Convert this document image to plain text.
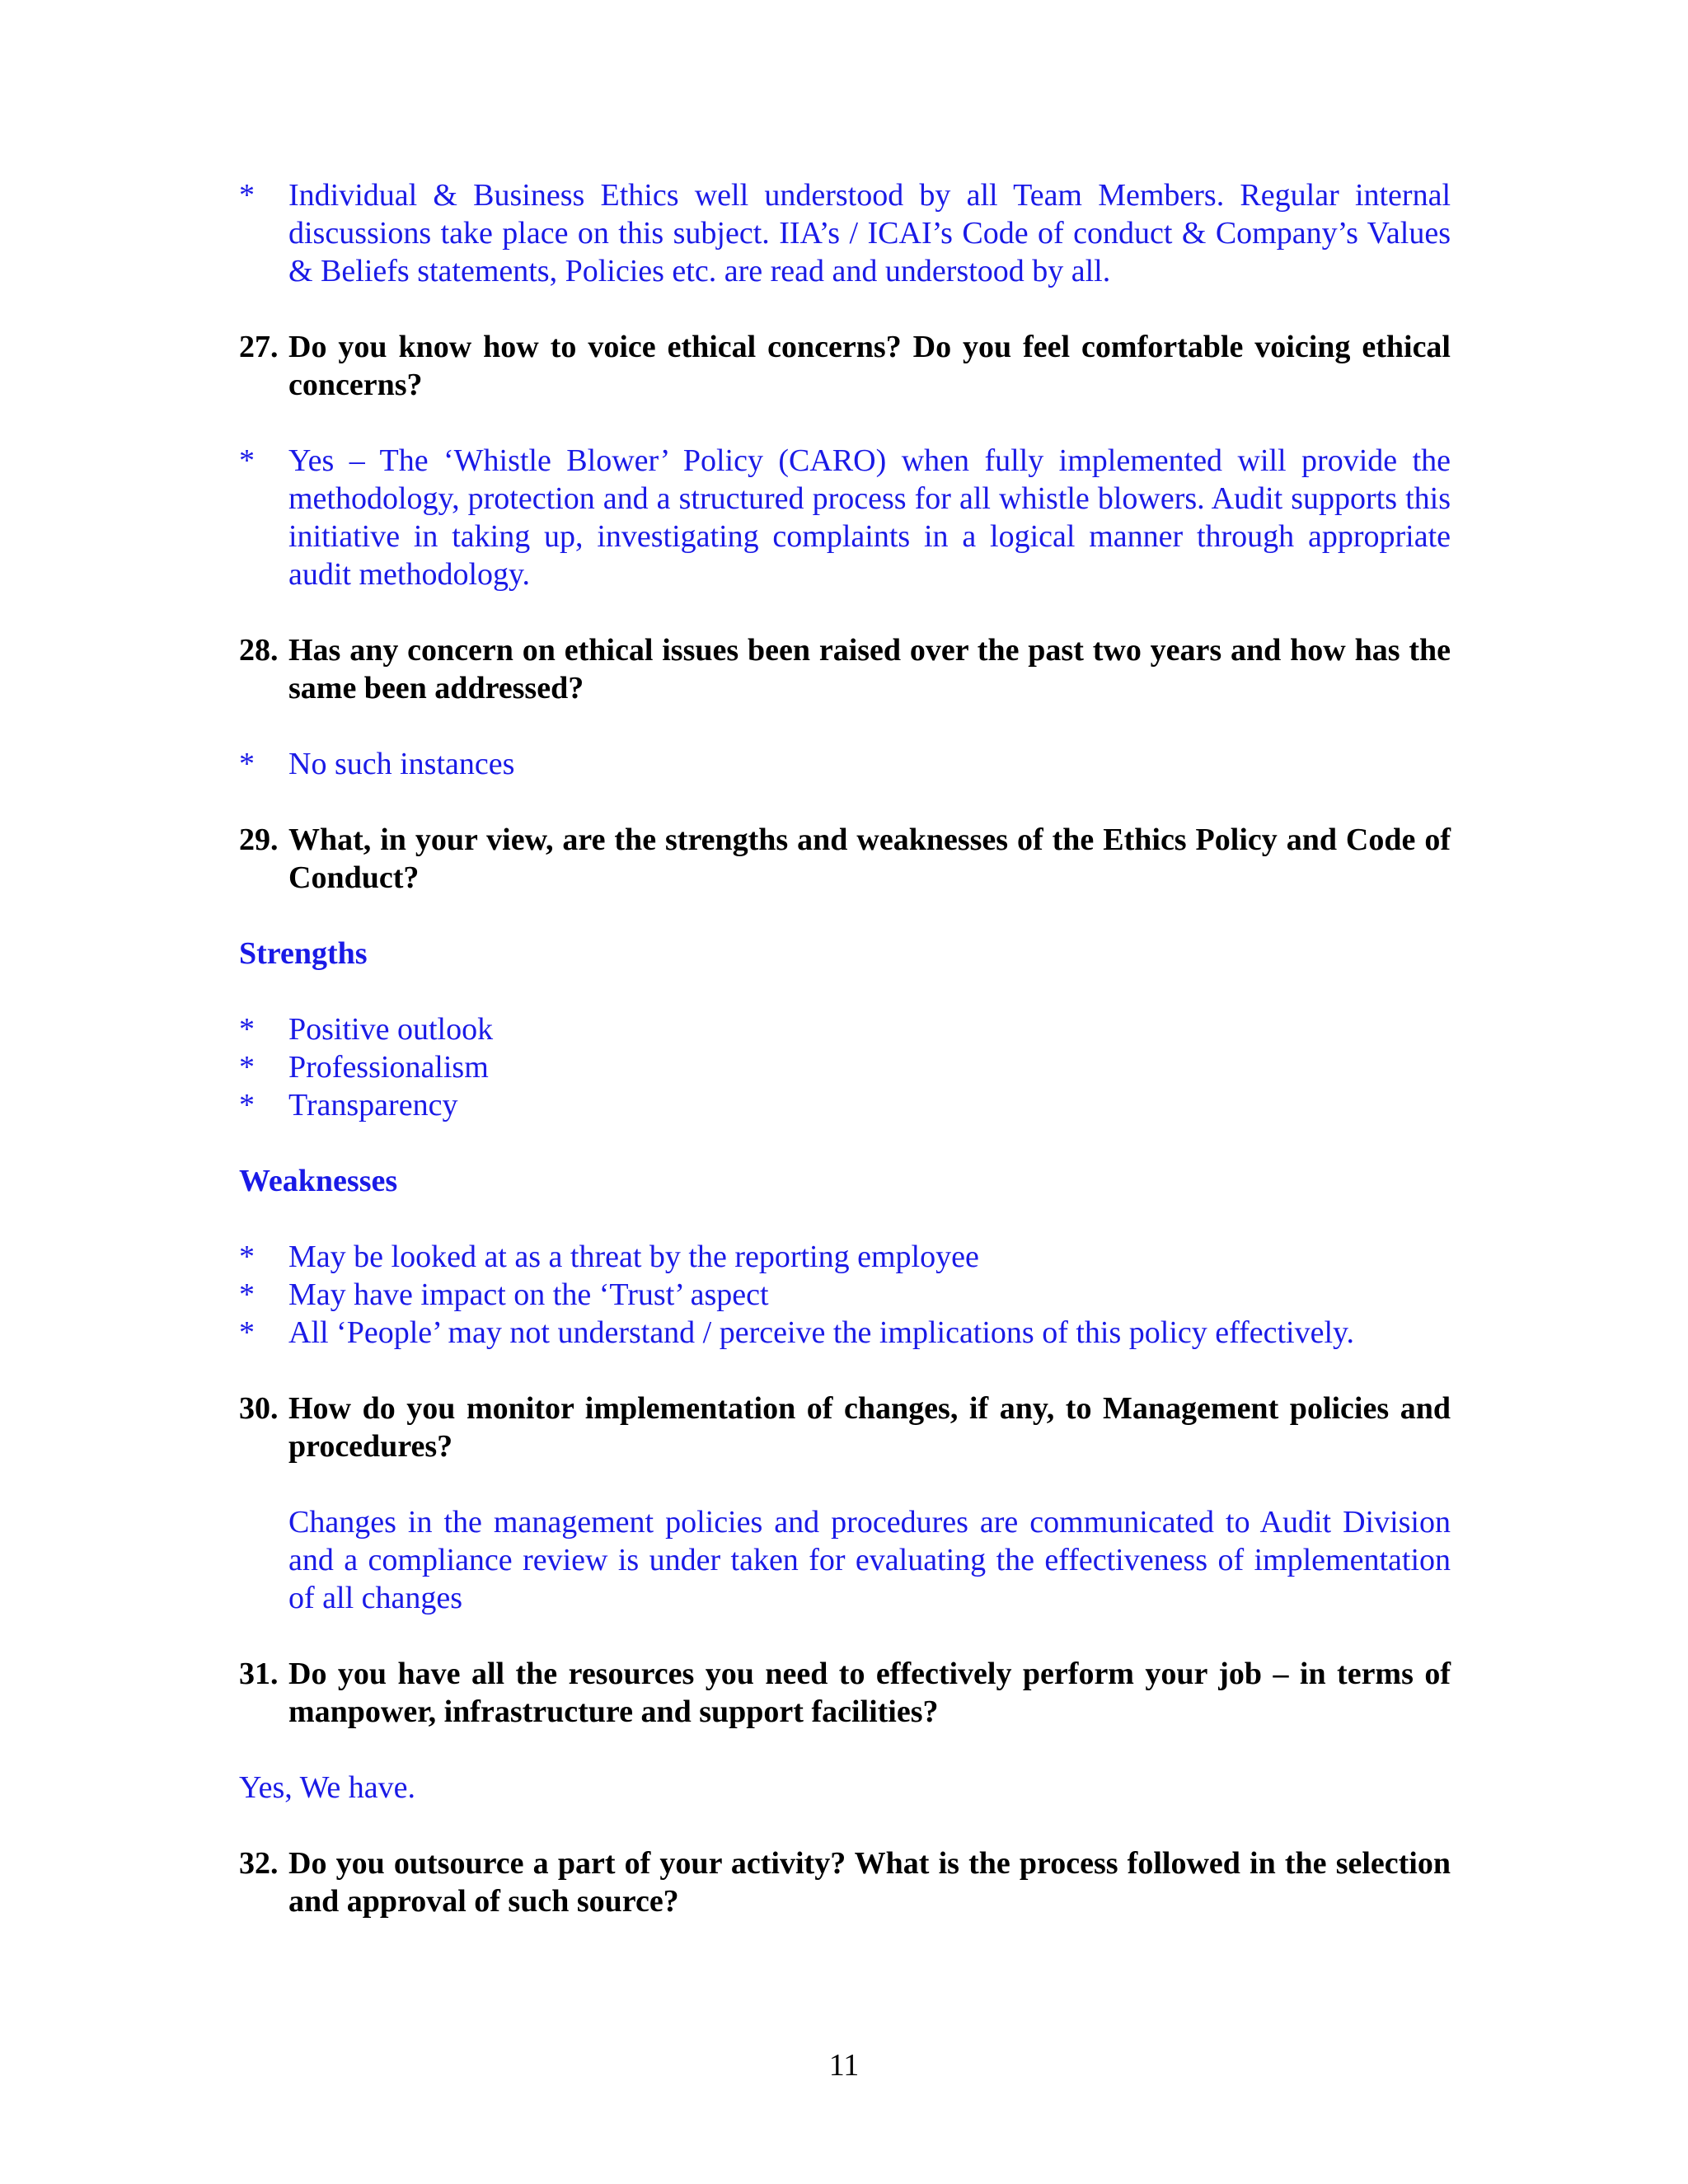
*	Individual & Business Ethics well understood by all Team Members. Regular internal discussions take place on this subject. IIA’s / ICAI’s Code of conduct & Company’s Values & Beliefs statements, Policies etc. are read and understood by all.
27. Do you know how to voice ethical concerns? Do you feel comfortable voicing ethical concerns?
*	Yes – The ‘Whistle Blower’ Policy (CARO) when fully implemented will provide the methodology, protection and a structured process for all whistle blowers. Audit supports this initiative in taking up, investigating complaints in a logical manner through appropriate audit methodology.
28. Has any concern on ethical issues been raised over the past two years and how has the same been addressed?
*	No such instances
29. What, in your view, are the strengths and weaknesses of the Ethics Policy and Code of Conduct?
Strengths
*	Positive outlook
*	Professionalism
*	Transparency
Weaknesses
*	May be looked at as a threat by the reporting employee
*	May have impact on the ‘Trust’ aspect
*	All ‘People’ may not understand / perceive the implications of this policy effectively.
30. How do you monitor implementation of changes, if any, to Management policies and procedures?
Changes in the management policies and procedures are communicated to Audit Division and a compliance review is under taken for evaluating the effectiveness of implementation of all changes
31. Do you have all the resources you need to effectively perform your job – in terms of manpower, infrastructure and support facilities?
Yes, We have.
32. Do you outsource a part of your activity? What is the process followed in the selection and approval of such source?
11
